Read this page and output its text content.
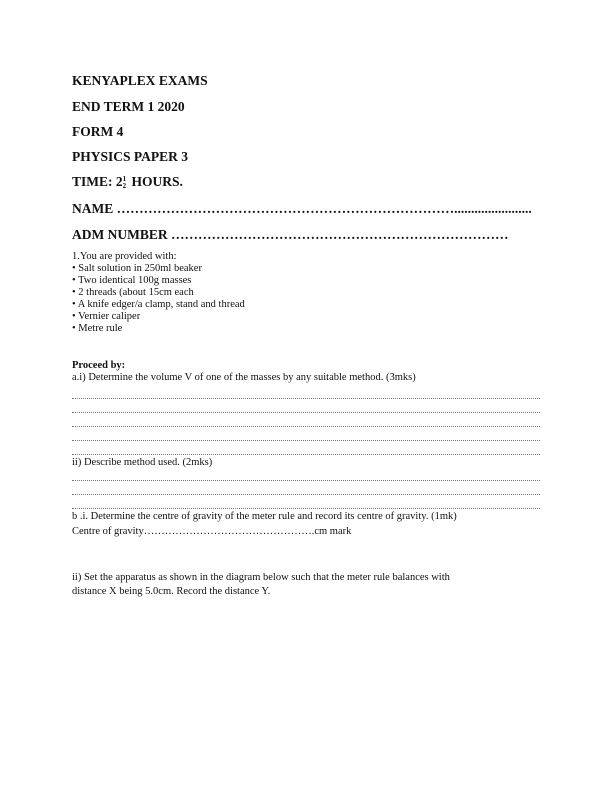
KENYAPLEX EXAMS
END TERM 1 2020
FORM 4
PHYSICS PAPER 3
TIME: 2 1
2 HOURS.
NAME ………………………………………………………………….......................
ADM NUMBER …………………………………………………………………
1.You are provided with:
• Salt solution in 250ml beaker
• Two identical 100g masses
• 2 threads (about 15cm each
• A knife edger/a clamp, stand and thread
• Vernier caliper
• Metre rule
Proceed by:
a.i) Determine the volume V of one of the masses by any suitable method. (3mks)
ii) Describe method used. (2mks)
b .i. Determine the centre of gravity of the meter rule and record its centre of gravity. (1mk)
Centre of gravity………………………………………….cm mark
ii) Set the apparatus as shown in the diagram below such that the meter rule balances with
distance X being 5.0cm. Record the distance Y.
